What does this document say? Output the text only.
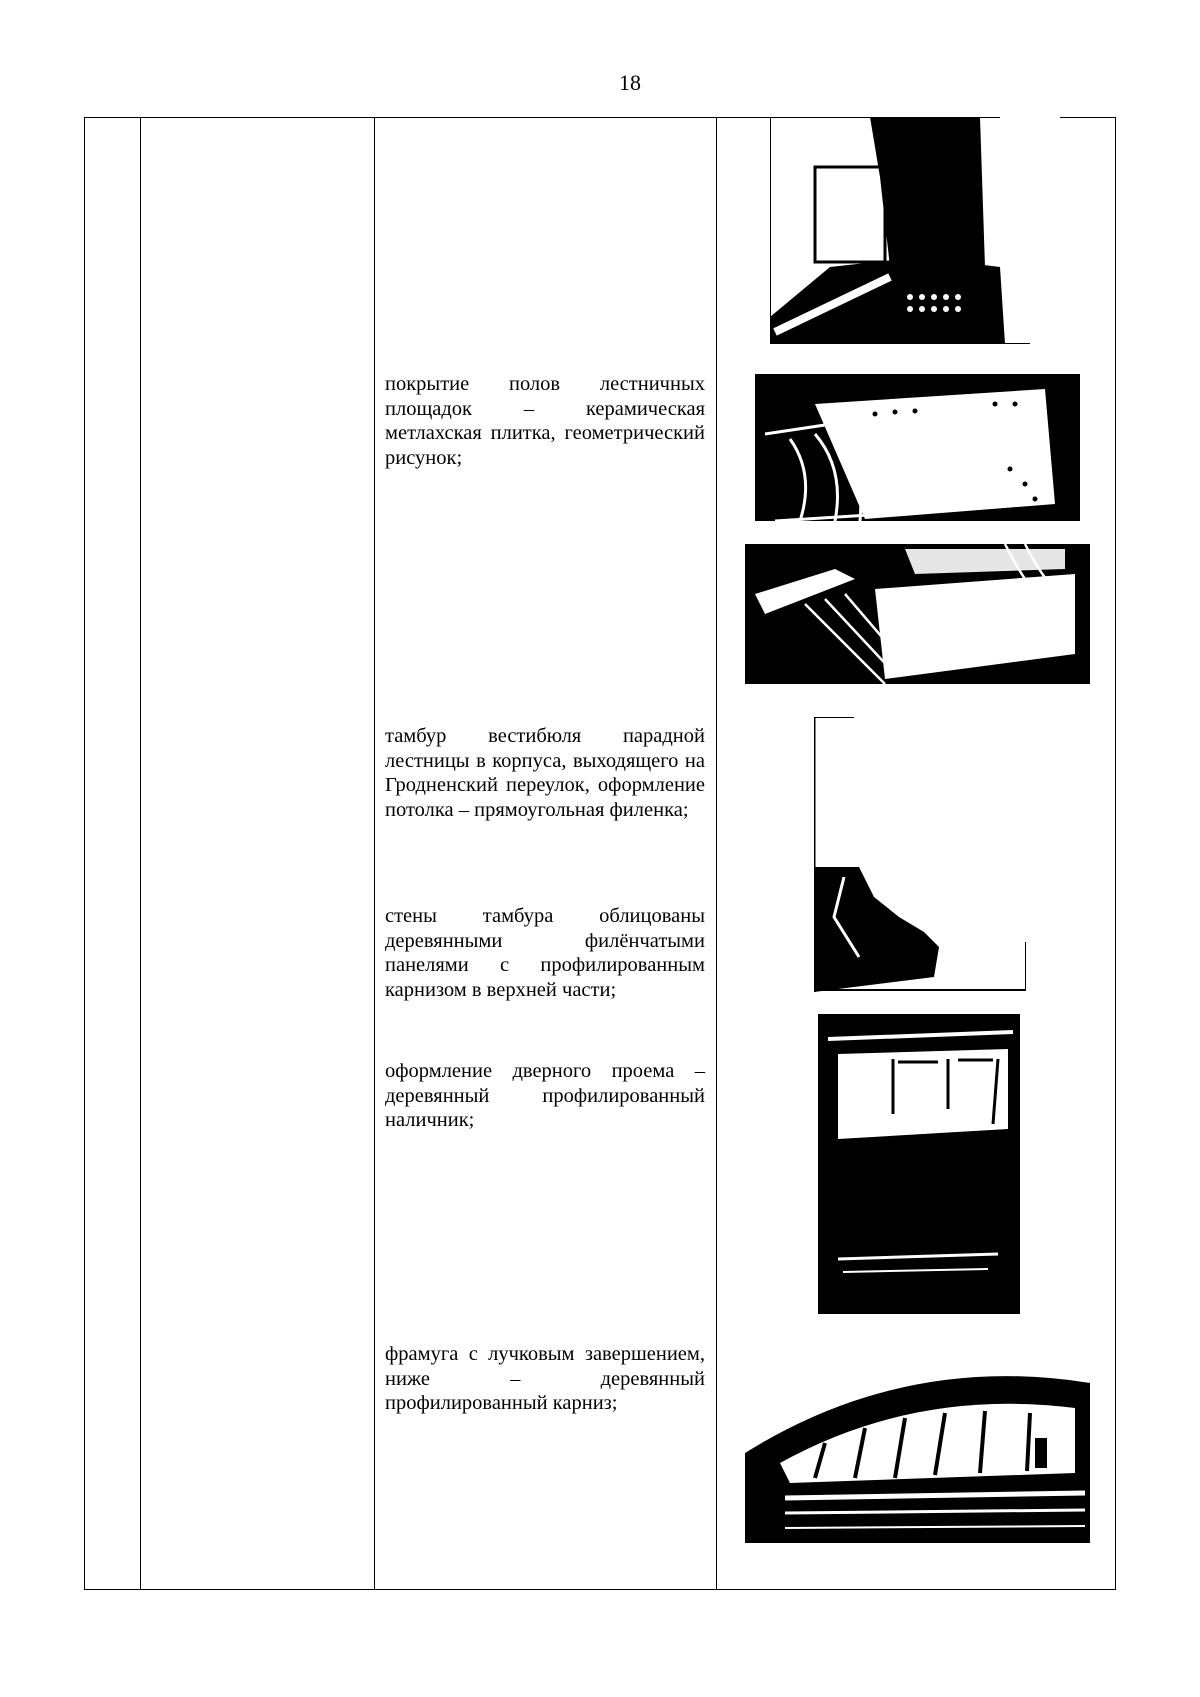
18
покрытие полов лестничных площадок – керамическая метлахская плитка, геометрический рисунок;
тамбур вестибюля парадной лестницы в корпуса, выходящего на Гродненский переулок, оформление потолка – прямоугольная филенка;
стены тамбура облицованы деревянными филёнчатыми панелями с профилированным карнизом в верхней части;
оформление дверного проема – деревянный профилированный наличник;
фрамуга с лучковым завершением, ниже – деревянный профилированный карниз;
